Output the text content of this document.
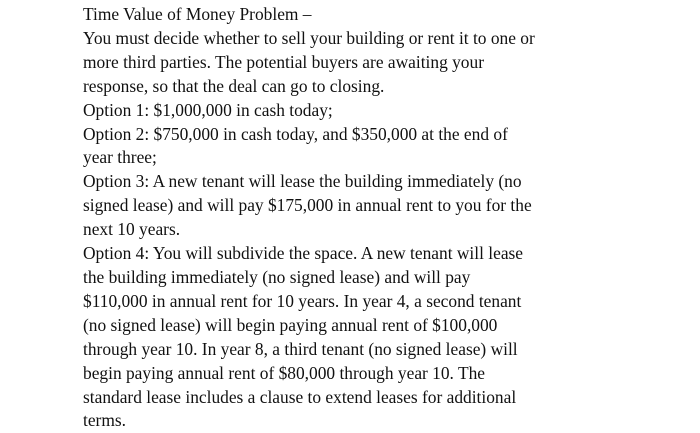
Time Value of Money Problem –
You must decide whether to sell your building or rent it to one or
more third parties. The potential buyers are awaiting your
response, so that the deal can go to closing.
Option 1: $1,000,000 in cash today;
Option 2: $750,000 in cash today, and $350,000 at the end of
year three;
Option 3: A new tenant will lease the building immediately (no
signed lease) and will pay $175,000 in annual rent to you for the
next 10 years.
Option 4: You will subdivide the space. A new tenant will lease
the building immediately (no signed lease) and will pay
$110,000 in annual rent for 10 years. In year 4, a second tenant
(no signed lease) will begin paying annual rent of $100,000
through year 10. In year 8, a third tenant (no signed lease) will
begin paying annual rent of $80,000 through year 10. The
standard lease includes a clause to extend leases for additional
terms.
